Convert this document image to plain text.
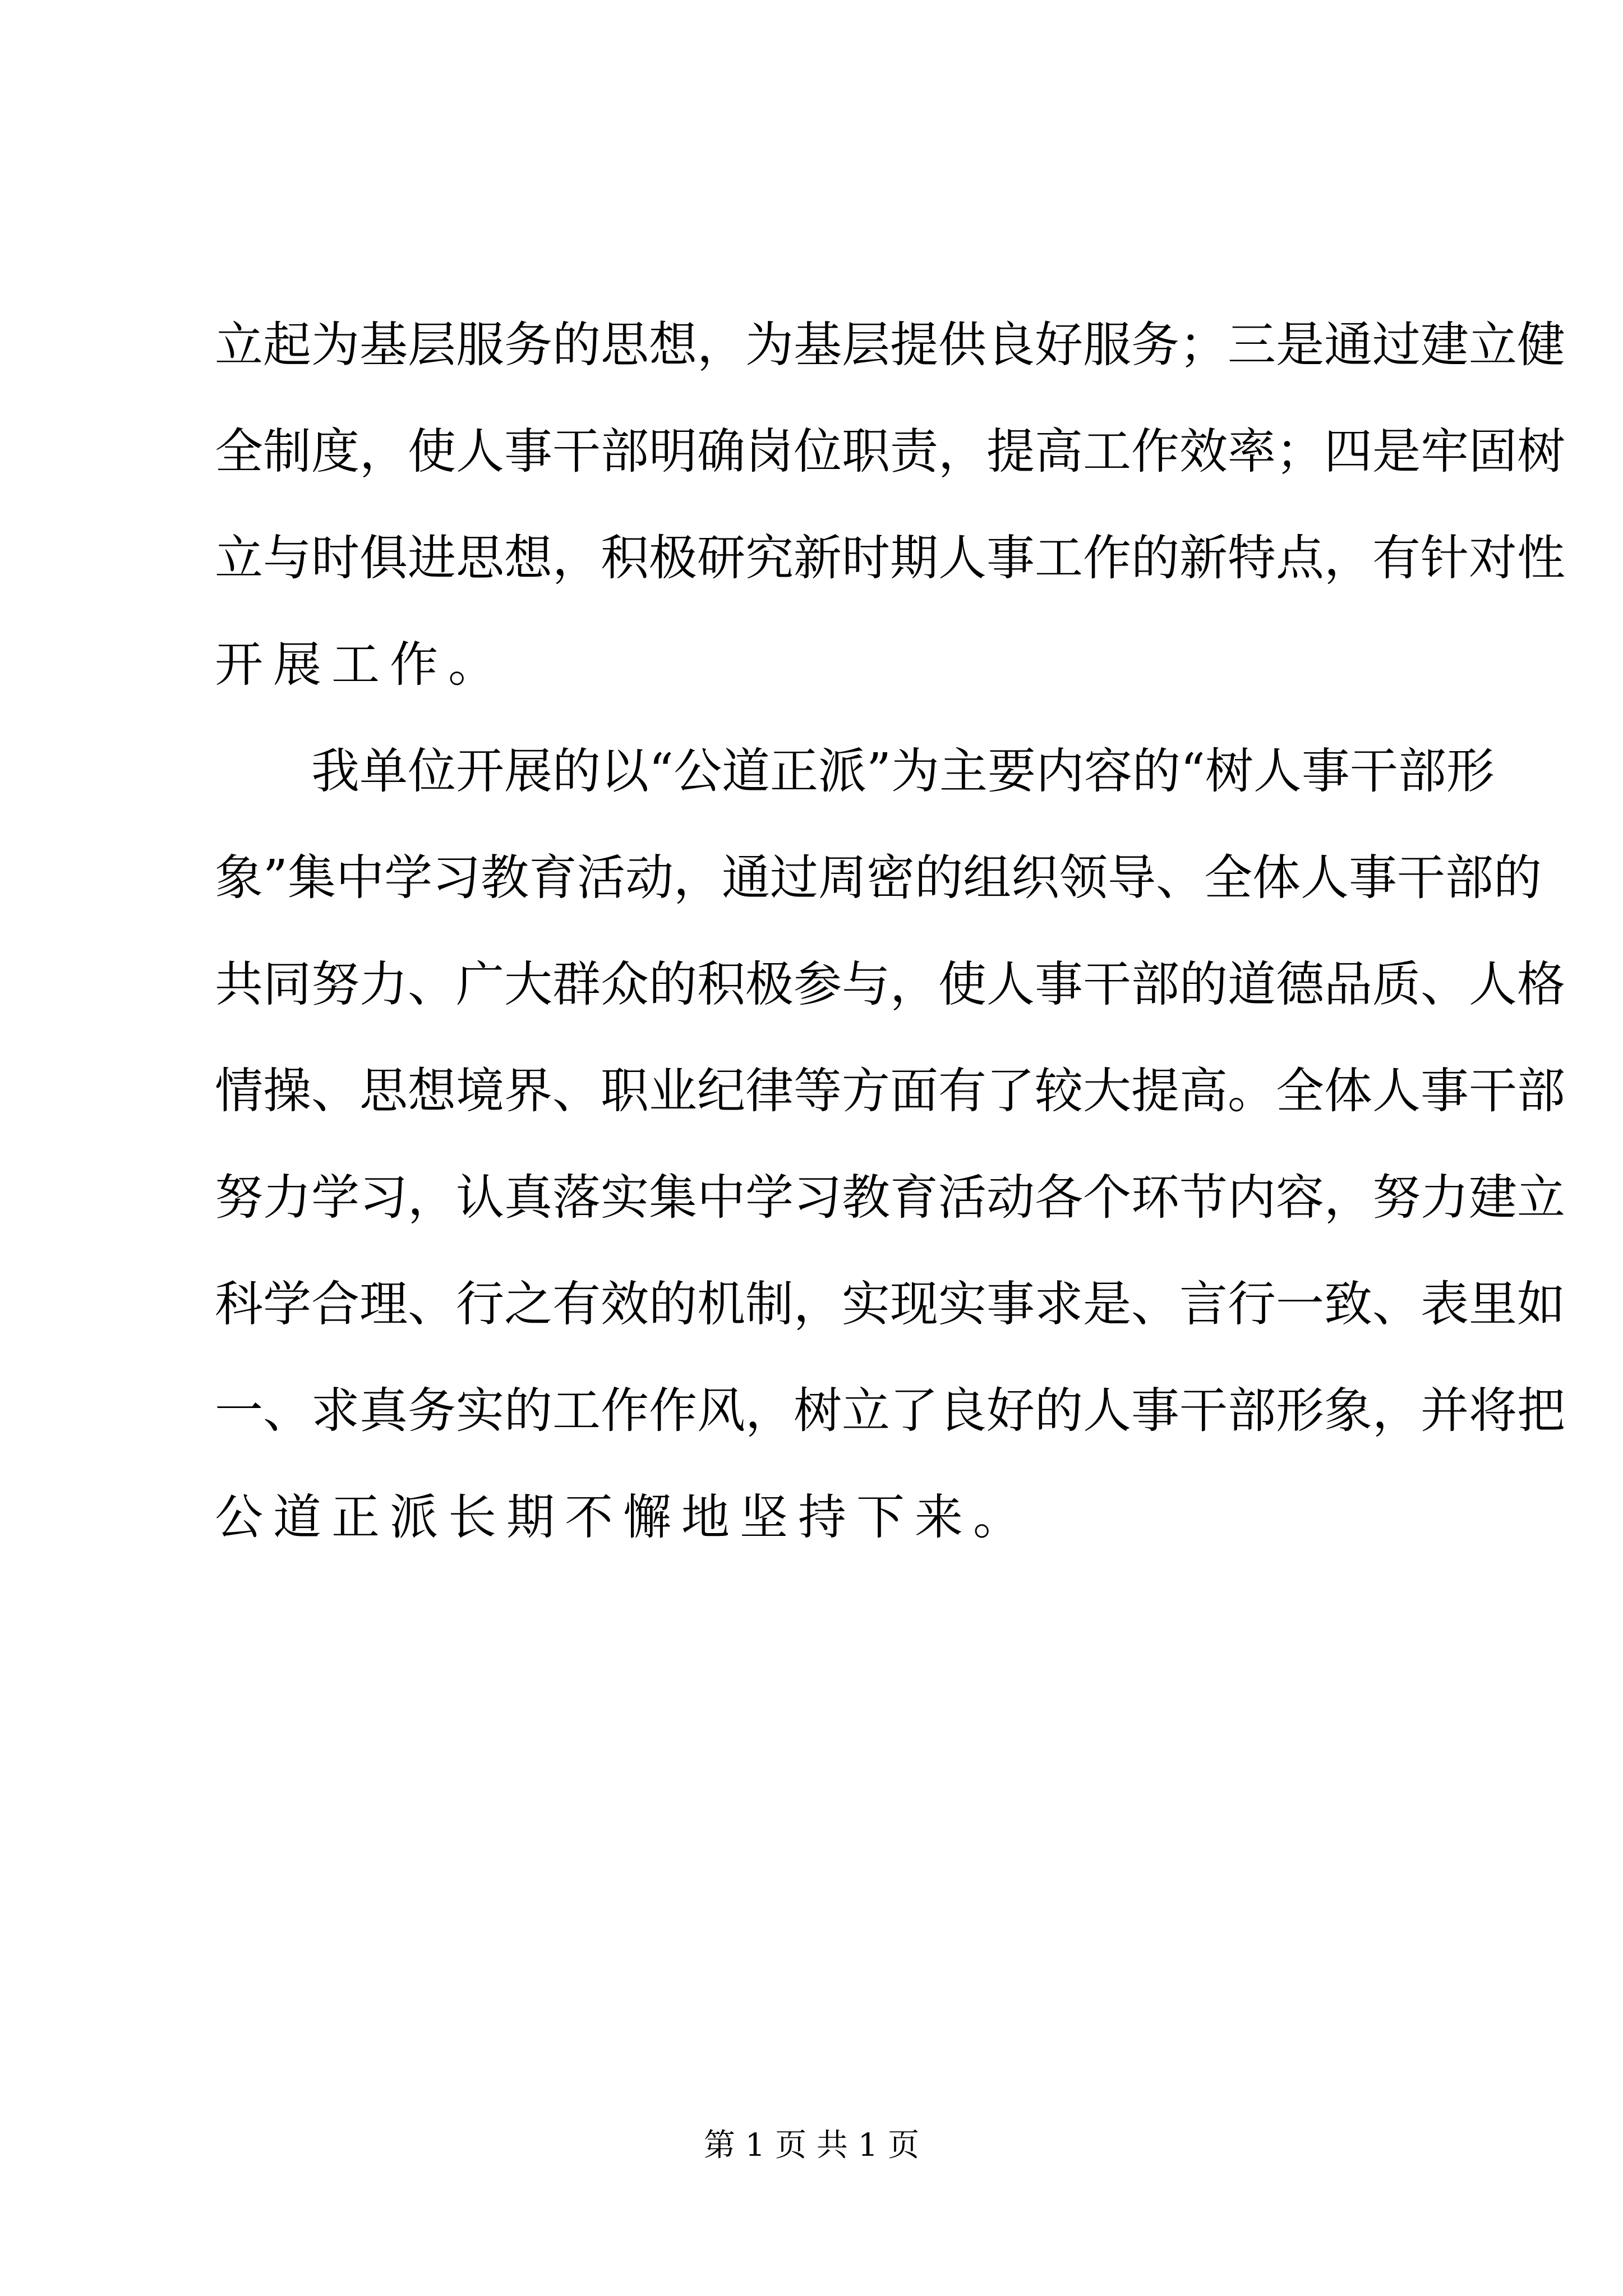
立 起 为 基 层 服 务 的 思 想 ， 为 基 层 提 供 良 好 服 务 ； 三 是 通 过 建 立 健
全 制 度 ， 使 人 事 干 部 明 确 岗 位 职 责 ， 提 高 工 作 效 率 ； 四 是 牢 固 树
立 与 时 俱 进 思 想 ， 积 极 研 究 新 时 期 人 事 工 作 的 新 特 点 ， 有 针 对 性
开展工作。
我 单 位 开 展 的 以 “ 公 道 正 派 ” 为 主 要 内 容 的 “ 树 人 事 干 部 形
象 ” 集 中 学 习 教 育 活 动 ， 通 过 周 密 的 组 织 领 导 、 全 体 人 事 干 部 的
共 同 努 力 、 广 大 群 众 的 积 极 参 与 ， 使 人 事 干 部 的 道 德 品 质 、 人 格
情 操 、 思 想 境 界 、 职 业 纪 律 等 方 面 有 了 较 大 提 高 。 全 体 人 事 干 部
努 力 学 习 ， 认 真 落 实 集 中 学 习 教 育 活 动 各 个 环 节 内 容 ， 努 力 建 立
科 学 合 理 、 行 之 有 效 的 机 制 ， 实 现 实 事 求 是 、 言 行 一 致 、 表 里 如
一 、 求 真 务 实 的 工 作 作 风 ， 树 立 了 良 好 的 人 事 干 部 形 象 ， 并 将 把
公道正派长期不懈地坚持下来。
第 1 页 共 1 页
